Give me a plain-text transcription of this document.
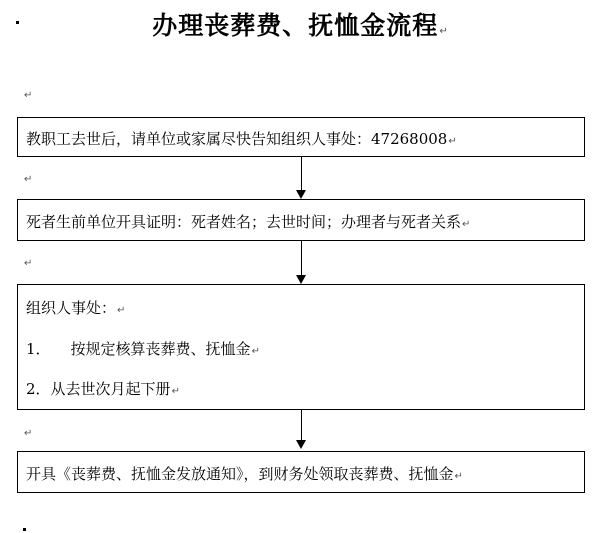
办理丧葬费、抚恤金流程↵
↵
教职工去世后，请单位或家属尽快告知组织人事处：47268008↵
↵
死者生前单位开具证明：死者姓名；去世时间；办理者与死者关系↵
↵
组织人事处：↵
1． 按规定核算丧葬费、抚恤金↵
2．从去世次月起下册↵
↵
开具《丧葬费、抚恤金发放通知》，到财务处领取丧葬费、抚恤金↵
